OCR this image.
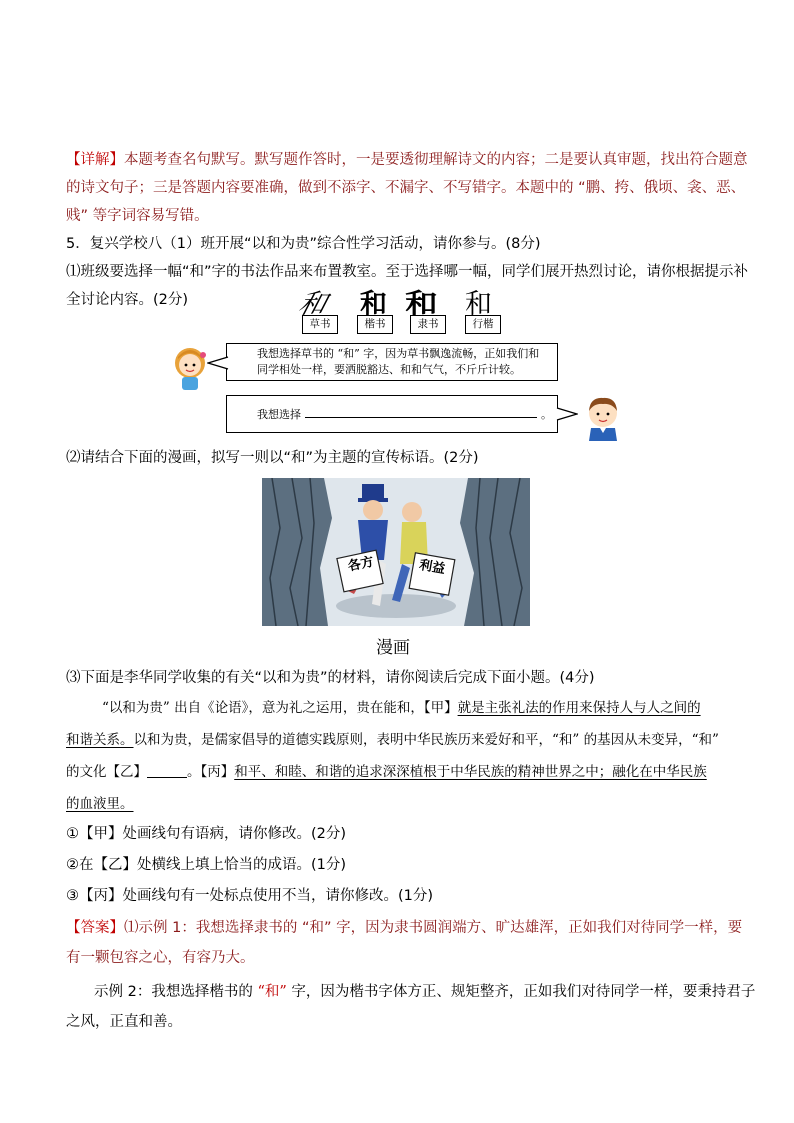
【详解】本题考查名句默写。默写题作答时，一是要透彻理解诗文的内容；二是要认真审题，找出符合题意
的诗文句子；三是答题内容要准确，做到不添字、不漏字、不写错字。本题中的 “鹏、挎、俄顷、衾、恶、
贱” 等字词容易写错。
5．复兴学校八（1）班开展“以和为贵”综合性学习活动，请你参与。(8分)
⑴班级要选择一幅“和”字的书法作品来布置教室。至于选择哪一幅，同学们展开热烈讨论，请你根据提示补
全讨论内容。(2分)	和 和 和 和
草书	楷书	隶书	行楷
我想选择草书的 “和” 字，因为草书飘逸流畅，正如我们和
同学相处一样，要洒脱豁达、和和气气，不斤斤计较。
我想选择	。
⑵请结合下面的漫画，拟写一则以“和”为主题的宣传标语。(2分)
各方	利益
漫画
⑶下面是李华同学收集的有关“以和为贵”的材料，请你阅读后完成下面小题。(4分)
“以和为贵” 出自《论语》，意为礼之运用，贵在能和，【甲】就是主张礼法的作用来保持人与人之间的
和谐关系。以和为贵，是儒家倡导的道德实践原则，表明中华民族历来爱好和平，“和” 的基因从未变异，“和”
的文化【乙】	。【丙】和平、和睦、和谐的追求深深植根于中华民族的精神世界之中；融化在中华民族
的血液里。
①【甲】处画线句有语病，请你修改。(2分)
②在【乙】处横线上填上恰当的成语。(1分)
③【丙】处画线句有一处标点使用不当，请你修改。(1分)
【答案】⑴示例 1：我想选择隶书的 “和” 字，因为隶书圆润端方、旷达雄浑，正如我们对待同学一样，要
有一颗包容之心，有容乃大。
示例 2：我想选择楷书的 “和” 字，因为楷书字体方正、规矩整齐，正如我们对待同学一样，要秉持君子
之风，正直和善。
